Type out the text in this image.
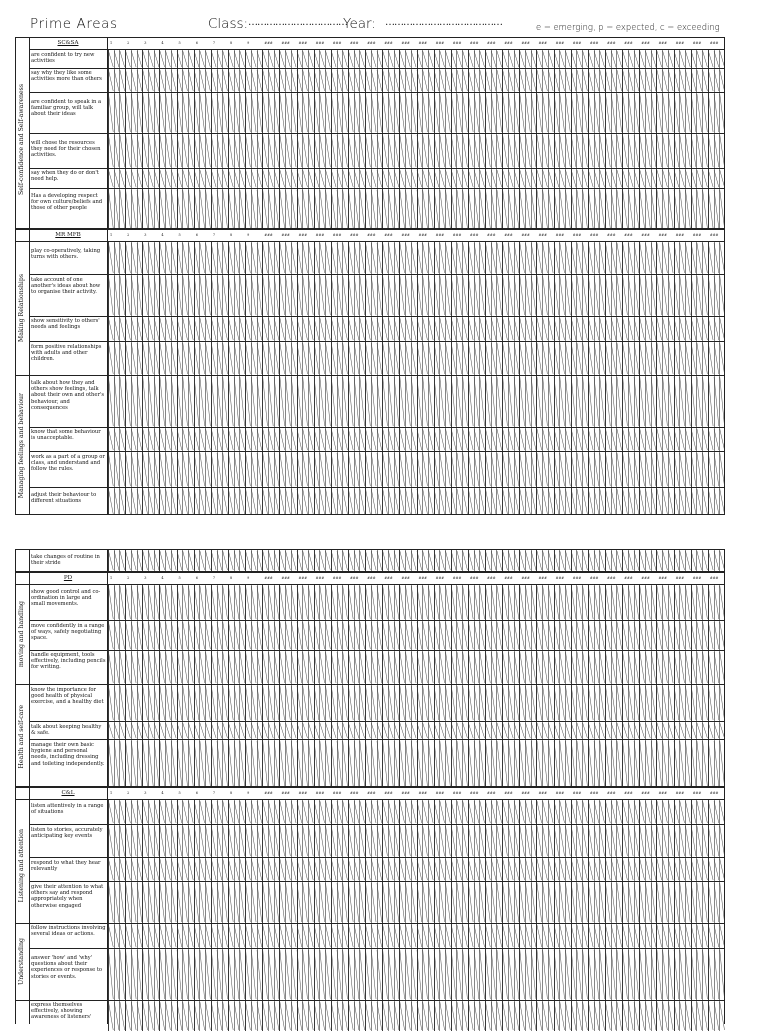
Prime Areas	Class: ……………………………
Year: …………………………………	e = emerging, p = expected, c = exceeding
Self-confidence and Self-awareness
SC&SA	1	2	3	4	5	6	7	8	9	###	###	###	###	###	###	###	###	###	###	###	###	###	###	###	###	###	###	###	###	###	###	###	###	###	###	###
are confident to try new activities
say why they like some activities more than others
are confident to speak in a familiar group, will talk about their ideas
will chose the resources they need for their chosen activities.
say when they do or don't need help.
Has a developing respect for own culture/beliefs and those of other people
Making Relationships
Managing feelings and behaviour
MR MFB	1	2	3	4	5	6	7	8	9	###	###	###	###	###	###	###	###	###	###	###	###	###	###	###	###	###	###	###	###	###	###	###	###	###	###	###
play co-operatively, taking turns with others.
take account of one another's ideas about how to organise their activity.
show sensitivity to others' needs and feelings
form positive relationships with adults and other children.
talk about how they and others show feelings, talk about their own and other's behaviour, and consequences
know that some behaviour is unacceptable.
work as a part of a group or class, and understand and follow the rules.
adjust their behaviour to different situations
take changes of routine in their stride
moving and handling
Health and self-care
PD	1	2	3	4	5	6	7	8	9	###	###	###	###	###	###	###	###	###	###	###	###	###	###	###	###	###	###	###	###	###	###	###	###	###	###	###
show good control and co-ordination in large and small movements.
move confidently in a range of ways, safely negotiating space.
handle equipment, tools effectively, including pencils for writing.
know the importance for good health of physical exercise, and a healthy diet
talk about keeping healthy & safe.
manage their own basic hygiene and personal needs, including dressing and toileting independently.
Listening and attention
Understanding
C&L	1	2	3	4	5	6	7	8	9	###	###	###	###	###	###	###	###	###	###	###	###	###	###	###	###	###	###	###	###	###	###	###	###	###	###	###
listen attentively in a range of situations
listen to stories, accurately anticipating key events
respond to what they hear relevantly
give their attention to what others say and respond appropriately when otherwise engaged
follow instructions involving several ideas or actions.
answer 'how' and 'why' questions about their experiences or response to stories or events.
express themselves effectively, showing awareness of listeners'
